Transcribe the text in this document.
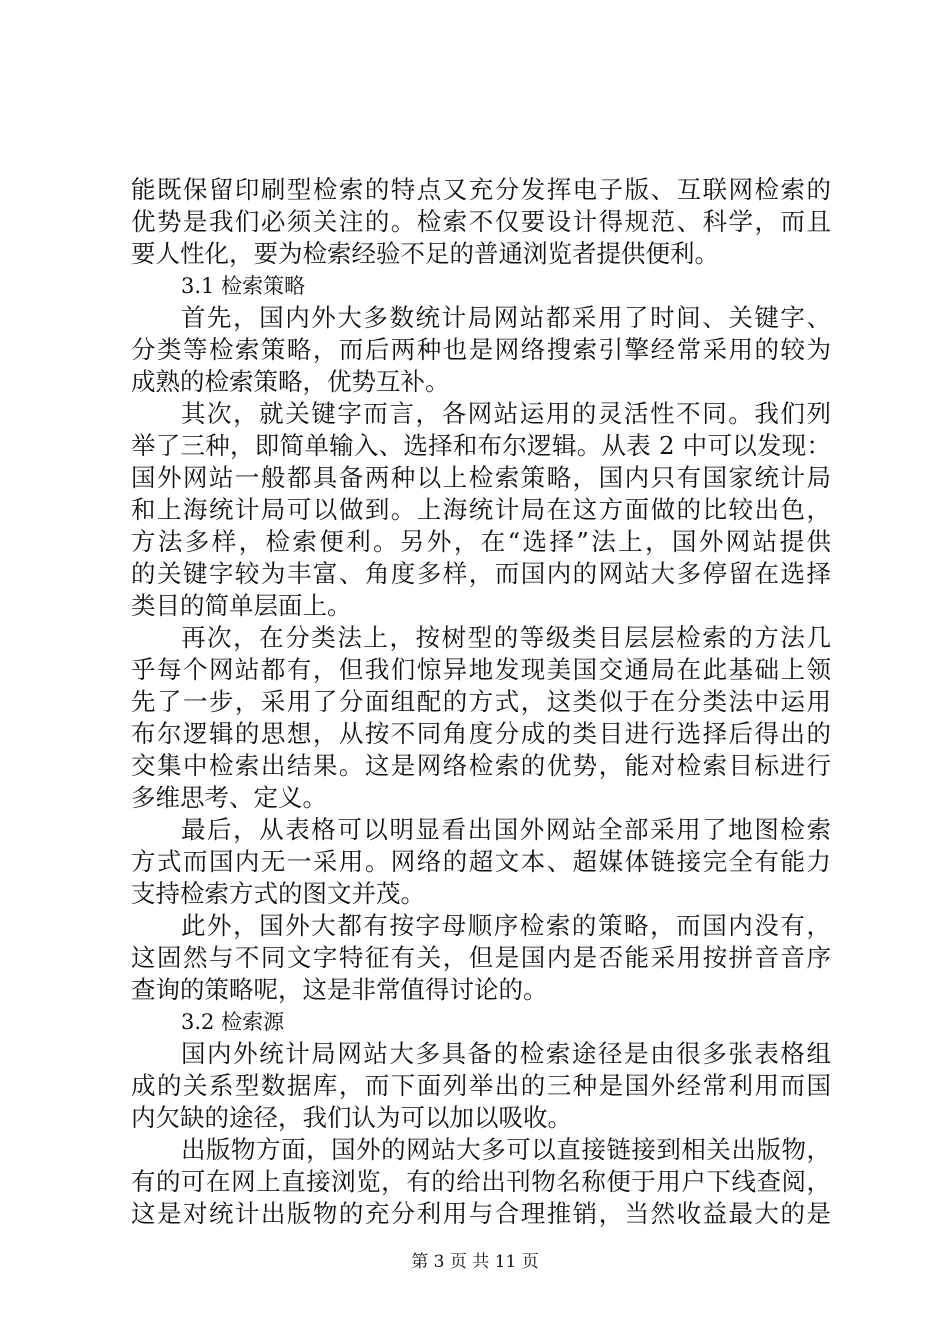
能既保留印刷型检索的特点又充分发挥电子版、互联网检索的
优势是我们必须关注的。检索不仅要设计得规范、科学，而且
要人性化，要为检索经验不足的普通浏览者提供便利。
3.1 检索策略
首先，国内外大多数统计局网站都采用了时间、关键字、
分类等检索策略，而后两种也是网络搜索引擎经常采用的较为
成熟的检索策略，优势互补。
其次，就关键字而言，各网站运用的灵活性不同。我们列
举了三种，即简单输入、选择和布尔逻辑。从表 2 中可以发现：
国外网站一般都具备两种以上检索策略，国内只有国家统计局
和上海统计局可以做到。上海统计局在这方面做的比较出色，
方法多样，检索便利。另外，在“选择”法上，国外网站提供
的关键字较为丰富、角度多样，而国内的网站大多停留在选择
类目的简单层面上。
再次，在分类法上，按树型的等级类目层层检索的方法几
乎每个网站都有，但我们惊异地发现美国交通局在此基础上领
先了一步，采用了分面组配的方式，这类似于在分类法中运用
布尔逻辑的思想，从按不同角度分成的类目进行选择后得出的
交集中检索出结果。这是网络检索的优势，能对检索目标进行
多维思考、定义。
最后，从表格可以明显看出国外网站全部采用了地图检索
方式而国内无一采用。网络的超文本、超媒体链接完全有能力
支持检索方式的图文并茂。
此外，国外大都有按字母顺序检索的策略，而国内没有，
这固然与不同文字特征有关，但是国内是否能采用按拼音音序
查询的策略呢，这是非常值得讨论的。
3.2 检索源
国内外统计局网站大多具备的检索途径是由很多张表格组
成的关系型数据库，而下面列举出的三种是国外经常利用而国
内欠缺的途径，我们认为可以加以吸收。
出版物方面，国外的网站大多可以直接链接到相关出版物，
有的可在网上直接浏览，有的给出刊物名称便于用户下线查阅，
这是对统计出版物的充分利用与合理推销，当然收益最大的是
第 3 页 共 11 页
